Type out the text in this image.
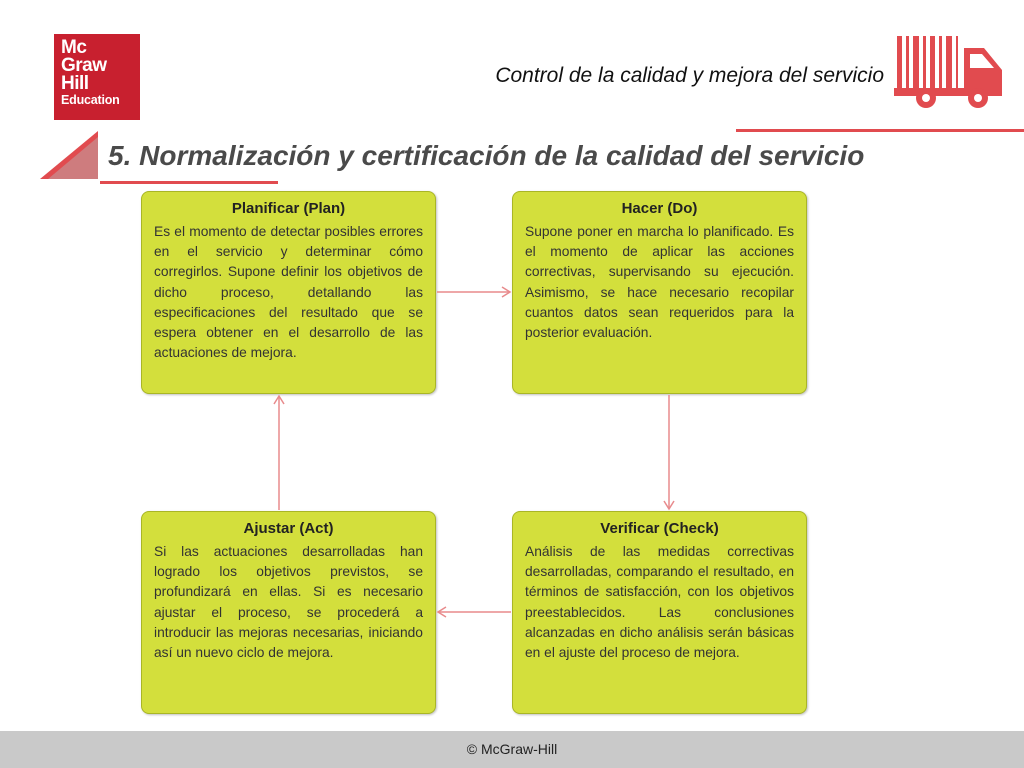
Mc
Graw
Hill
Education
Control de la calidad y mejora del servicio
5. Normalización y certificación de la calidad del servicio
Planificar (Plan)
Es el momento de detectar posibles errores en el servicio y determinar cómo corregirlos. Supone definir los objetivos de dicho proceso, detallando las especificaciones del resultado que se espera obtener en el desarrollo de las actuaciones de mejora.
Hacer (Do)
Supone poner en marcha lo planificado. Es el momento de aplicar las acciones correctivas, supervisando su ejecución. Asimismo, se hace necesario recopilar cuantos datos sean requeridos para la posterior evaluación.
Ajustar (Act)
Si las actuaciones desarrolladas han logrado los objetivos previstos, se profundizará en ellas. Si es necesario ajustar el proceso, se procederá a introducir las mejoras necesarias, iniciando así un nuevo ciclo de mejora.
Verificar (Check)
Análisis de las medidas correctivas desarrolladas, comparando el resultado, en términos de satisfacción, con los objetivos preestablecidos. Las conclusiones alcanzadas en dicho análisis serán básicas en el ajuste del proceso de mejora.
© McGraw-Hill
